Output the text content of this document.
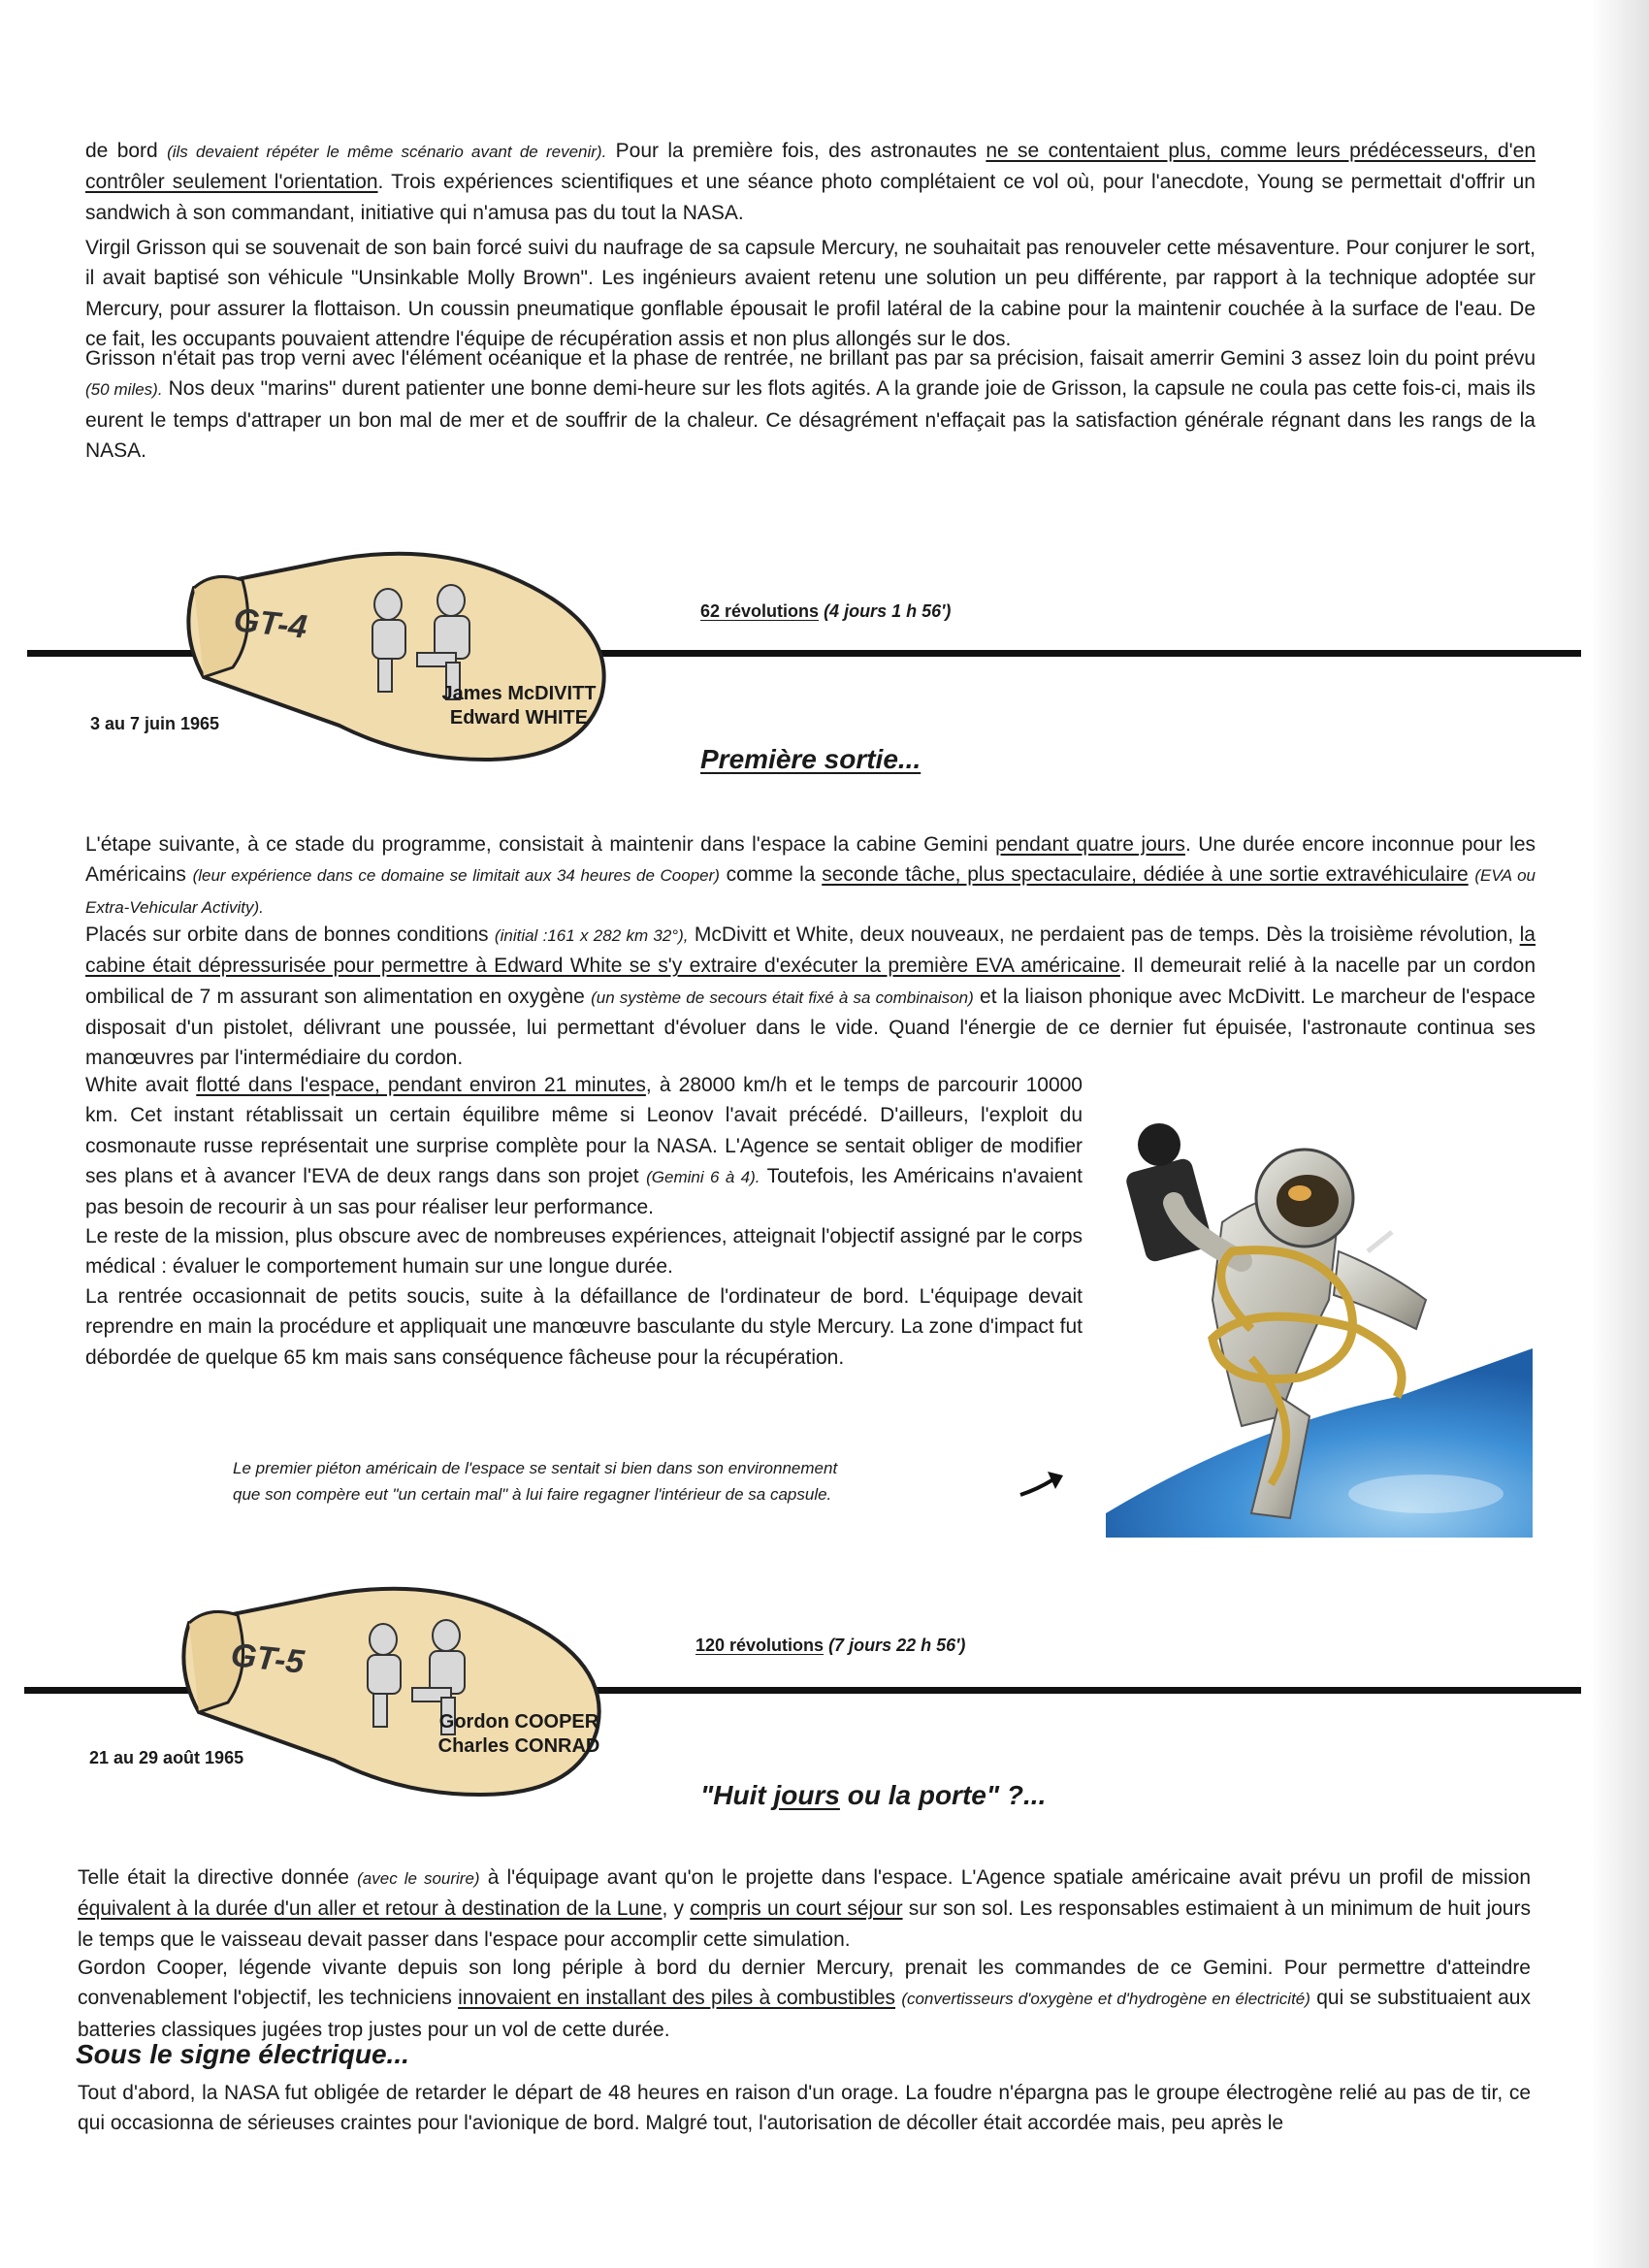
de bord (ils devaient répéter le même scénario avant de revenir). Pour la première fois, des astronautes ne se contentaient plus, comme leurs prédécesseurs, d'en contrôler seulement l'orientation. Trois expériences scientifiques et une séance photo complétaient ce vol où, pour l'anecdote, Young se permettait d'offrir un sandwich à son commandant, initiative qui n'amusa pas du tout la NASA.

Virgil Grisson qui se souvenait de son bain forcé suivi du naufrage de sa capsule Mercury, ne souhaitait pas renouveler cette mésaventure. Pour conjurer le sort, il avait baptisé son véhicule "Unsinkable Molly Brown". Les ingénieurs avaient retenu une solution un peu différente, par rapport à la technique adoptée sur Mercury, pour assurer la flottaison. Un coussin pneumatique gonflable épousait le profil latéral de la cabine pour la maintenir couchée à la surface de l'eau. De ce fait, les occupants pouvaient attendre l'équipe de récupération assis et non plus allongés sur le dos.

Grisson n'était pas trop verni avec l'élément océanique et la phase de rentrée, ne brillant pas par sa précision, faisait amerrir Gemini 3 assez loin du point prévu (50 miles). Nos deux "marins" durent patienter une bonne demi-heure sur les flots agités. A la grande joie de Grisson, la capsule ne coula pas cette fois-ci, mais ils eurent le temps d'attraper un bon mal de mer et de souffrir de la chaleur. Ce désagrément n'effaçait pas la satisfaction générale régnant dans les rangs de la NASA.

GT-4
James McDIVITT
Edward WHITE
62 révolutions (4 jours 1 h 56')
3 au 7 juin 1965
Première sortie...

L'étape suivante, à ce stade du programme, consistait à maintenir dans l'espace la cabine Gemini pendant quatre jours. Une durée encore inconnue pour les Américains (leur expérience dans ce domaine se limitait aux 34 heures de Cooper) comme la seconde tâche, plus spectaculaire, dédiée à une sortie extravéhiculaire (EVA ou Extra-Vehicular Activity).

Placés sur orbite dans de bonnes conditions (initial :161 x 282 km 32°), McDivitt et White, deux nouveaux, ne perdaient pas de temps. Dès la troisième révolution, la cabine était dépressurisée pour permettre à Edward White se s'y extraire d'exécuter la première EVA américaine. Il demeurait relié à la nacelle par un cordon ombilical de 7 m assurant son alimentation en oxygène (un système de secours était fixé à sa combinaison) et la liaison phonique avec McDivitt. Le marcheur de l'espace disposait d'un pistolet, délivrant une poussée, lui permettant d'évoluer dans le vide. Quand l'énergie de ce dernier fut épuisée, l'astronaute continua ses manœuvres par l'intermédiaire du cordon.

White avait flotté dans l'espace, pendant environ 21 minutes, à 28000 km/h et le temps de parcourir 10000 km. Cet instant rétablissait un certain équilibre même si Leonov l'avait précédé. D'ailleurs, l'exploit du cosmonaute russe représentait une surprise complète pour la NASA. L'Agence se sentait obliger de modifier ses plans et à avancer l'EVA de deux rangs dans son projet (Gemini 6 à 4). Toutefois, les Américains n'avaient pas besoin de recourir à un sas pour réaliser leur performance.

Le reste de la mission, plus obscure avec de nombreuses expériences, atteignait l'objectif assigné par le corps médical : évaluer le comportement humain sur une longue durée.

La rentrée occasionnait de petits soucis, suite à la défaillance de l'ordinateur de bord. L'équipage devait reprendre en main la procédure et appliquait une manœuvre basculante du style Mercury. La zone d'impact fut débordée de quelque 65 km mais sans conséquence fâcheuse pour la récupération.

Le premier piéton américain de l'espace se sentait si bien dans son environnement
que son compère eut "un certain mal" à lui faire regagner l'intérieur de sa capsule.
GT-5
Gordon COOPER
Charles CONRAD
120 révolutions (7 jours 22 h 56')
21 au 29 août 1965
"Huit jours ou la porte" ?...

Telle était la directive donnée (avec le sourire) à l'équipage avant qu'on le projette dans l'espace. L'Agence spatiale américaine avait prévu un profil de mission équivalent à la durée d'un aller et retour à destination de la Lune, y compris un court séjour sur son sol. Les responsables estimaient à un minimum de huit jours le temps que le vaisseau devait passer dans l'espace pour accomplir cette simulation.

Gordon Cooper, légende vivante depuis son long périple à bord du dernier Mercury, prenait les commandes de ce Gemini. Pour permettre d'atteindre convenablement l'objectif, les techniciens innovaient en installant des piles à combustibles (convertisseurs d'oxygène et d'hydrogène en électricité) qui se substituaient aux batteries classiques jugées trop justes pour un vol de cette durée.

Sous le signe électrique...

Tout d'abord, la NASA fut obligée de retarder le départ de 48 heures en raison d'un orage. La foudre n'épargna pas le groupe électrogène relié au pas de tir, ce qui occasionna de sérieuses craintes pour l'avionique de bord. Malgré tout, l'autorisation de décoller était accordée mais, peu après le
